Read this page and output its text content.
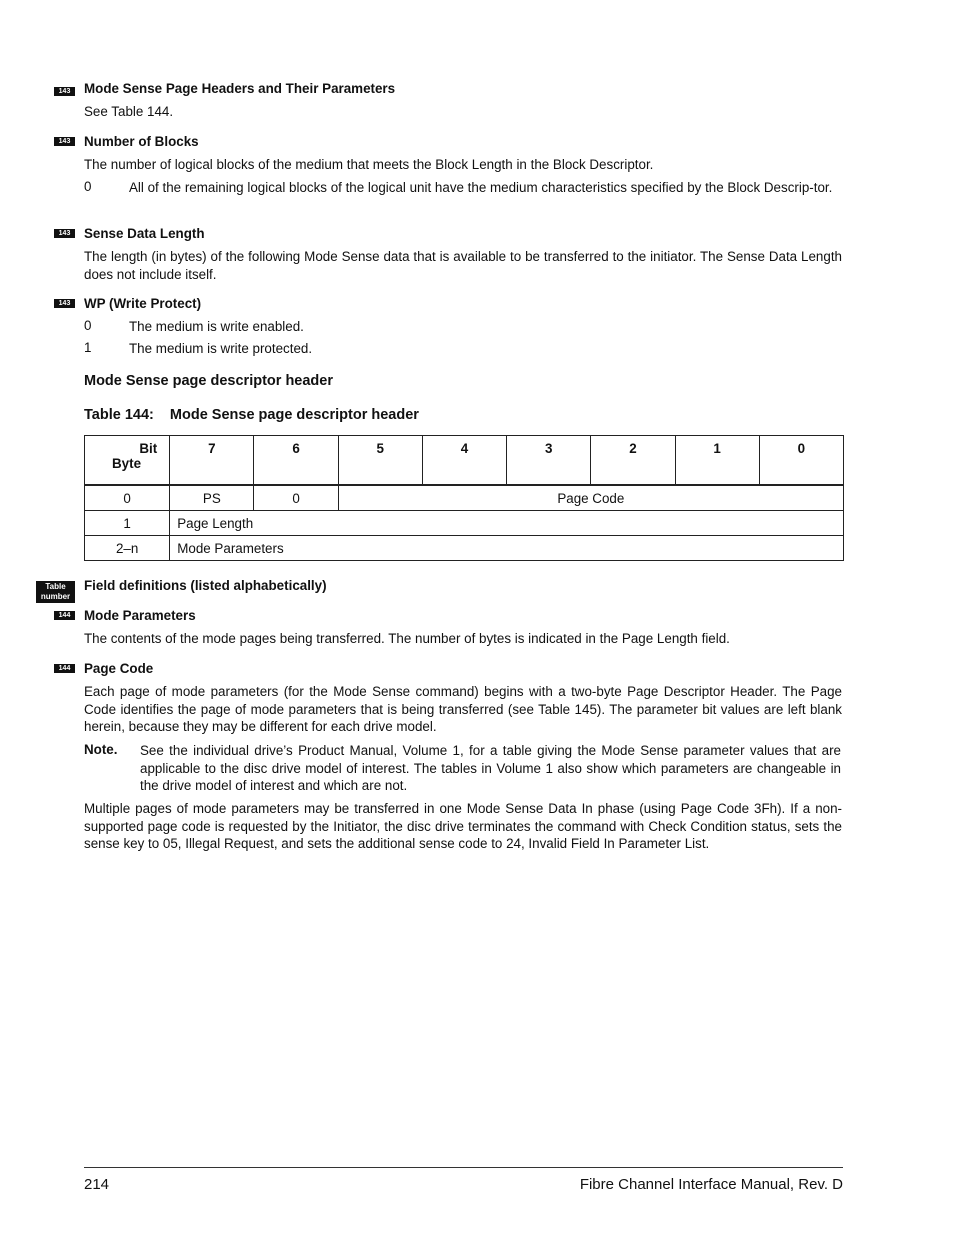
143	Mode Sense Page Headers and Their Parameters
See Table 144.
143	Number of Blocks
The number of logical blocks of the medium that meets the Block Length in the Block Descriptor.
0	All of the remaining logical blocks of the logical unit have the medium characteristics specified by the Block Descrip-tor.
143	Sense Data Length
The length (in bytes) of the following Mode Sense data that is available to be transferred to the initiator. The Sense Data Length does not include itself.
143	WP (Write Protect)
0	The medium is write enabled.
1	The medium is write protected.
Mode Sense page descriptor header
Table 144: Mode Sense page descriptor header
Bit
Byte	7	6	5	4	3	2	1	0

0	PS	0	Page Code					
1	Page Length							
2–n	Mode Parameters							
Table
number
Field definitions (listed alphabetically)
144	Mode Parameters
The contents of the mode pages being transferred. The number of bytes is indicated in the Page Length field.
144	Page Code
Each page of mode parameters (for the Mode Sense command) begins with a two-byte Page Descriptor Header. The Page Code identifies the page of mode parameters that is being transferred (see Table 145). The parameter bit values are left blank herein, because they may be different for each drive model.
Note. See the individual drive’s Product Manual, Volume 1, for a table giving the Mode Sense parameter values that are applicable to the disc drive model of interest. The tables in Volume 1 also show which parameters are changeable in the drive model of interest and which are not.
Multiple pages of mode parameters may be transferred in one Mode Sense Data In phase (using Page Code 3Fh). If a non-supported page code is requested by the Initiator, the disc drive terminates the command with Check Condition status, sets the sense key to 05, Illegal Request, and sets the additional sense code to 24, Invalid Field In Parameter List.
214	Fibre Channel Interface Manual, Rev. D
